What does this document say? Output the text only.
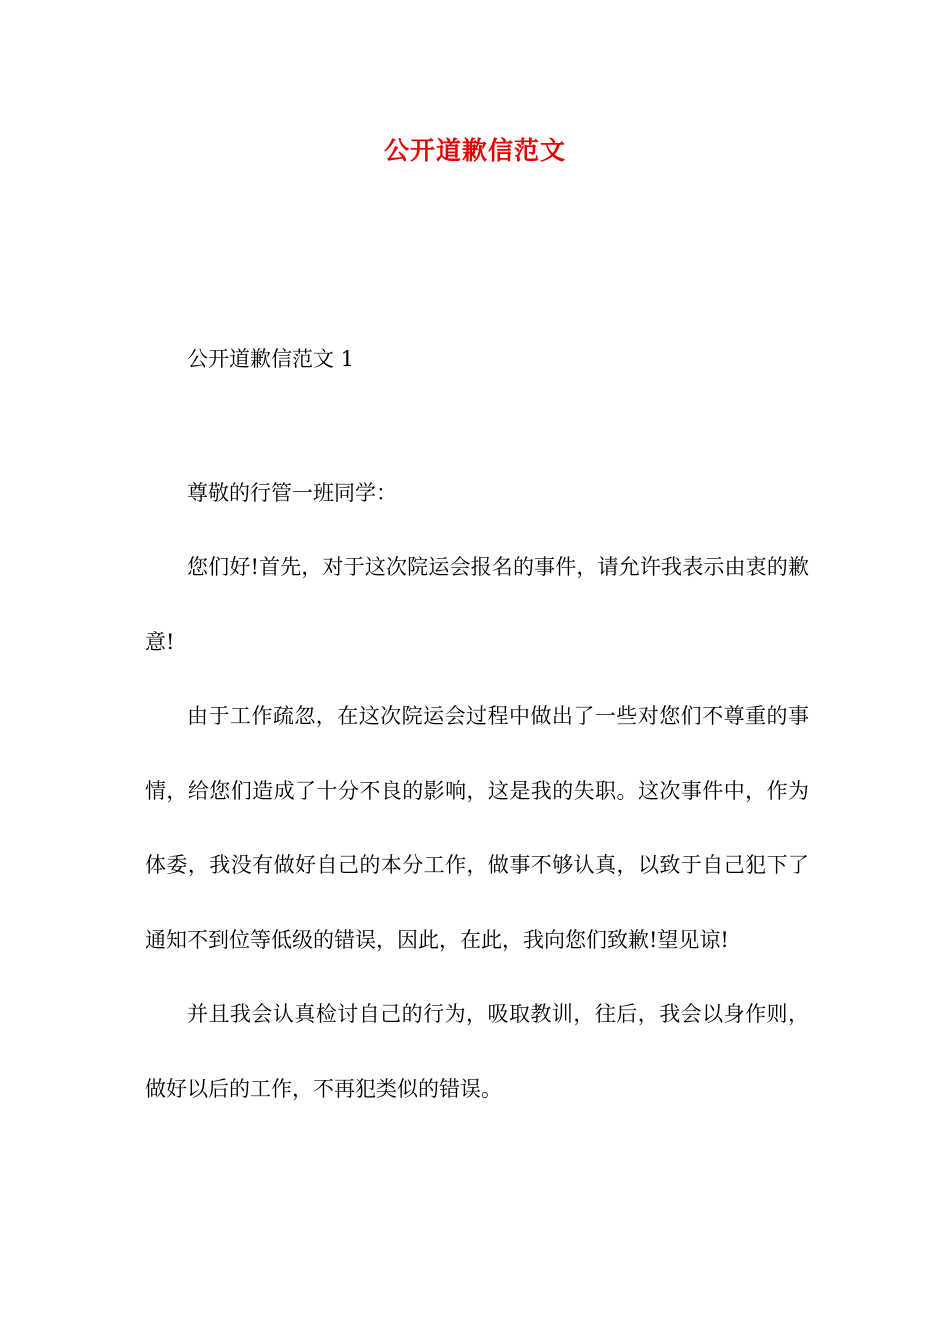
公开道歉信范文

公开道歉信范文 1

尊敬的行管一班同学：

您们好!首先，对于这次院运会报名的事件，请允许我表示由衷的歉意!

由于工作疏忽，在这次院运会过程中做出了一些对您们不尊重的事情，给您们造成了十分不良的影响，这是我的失职。这次事件中，作为体委，我没有做好自己的本分工作，做事不够认真，以致于自己犯下了通知不到位等低级的错误，因此，在此，我向您们致歉!望见谅!

并且我会认真检讨自己的行为，吸取教训，往后，我会以身作则，做好以后的工作，不再犯类似的错误。
